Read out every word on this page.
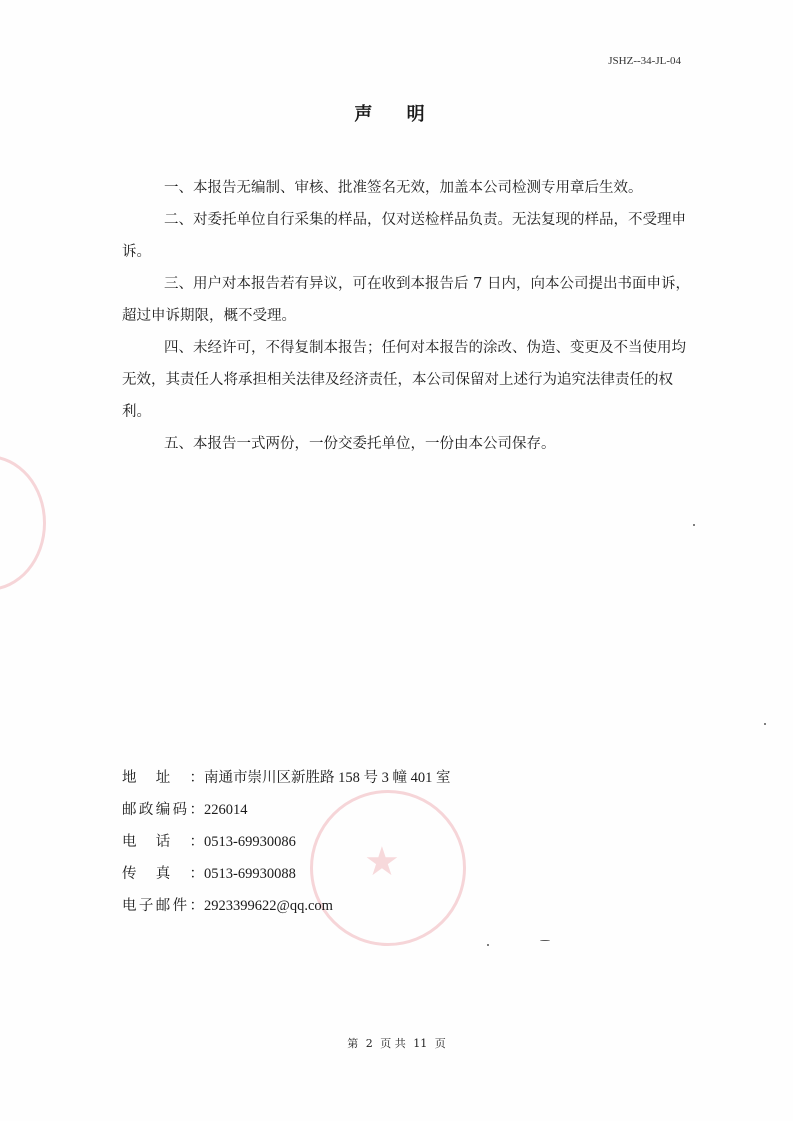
★
JSHZ--34-JL-04
声 明

一、本报告无编制、审核、批准签名无效，加盖本公司检测专用章后生效。

二、对委托单位自行采集的样品，仅对送检样品负责。无法复现的样品，不受理申诉。

三、用户对本报告若有异议，可在收到本报告后 7 日内，向本公司提出书面申诉，超过申诉期限，概不受理。

四、未经许可，不得复制本报告；任何对本报告的涂改、伪造、变更及不当使用均无效，其责任人将承担相关法律及经济责任，本公司保留对上述行为追究法律责任的权利。

五、本报告一式两份，一份交委托单位，一份由本公司保存。

地址： 南通市崇川区新胜路 158 号 3 幢 401 室
邮政编码： 226014
电话： 0513-69930086
传真： 0513-69930088
电子邮件： 2923399622@qq.com
第 2 页 共 11 页
